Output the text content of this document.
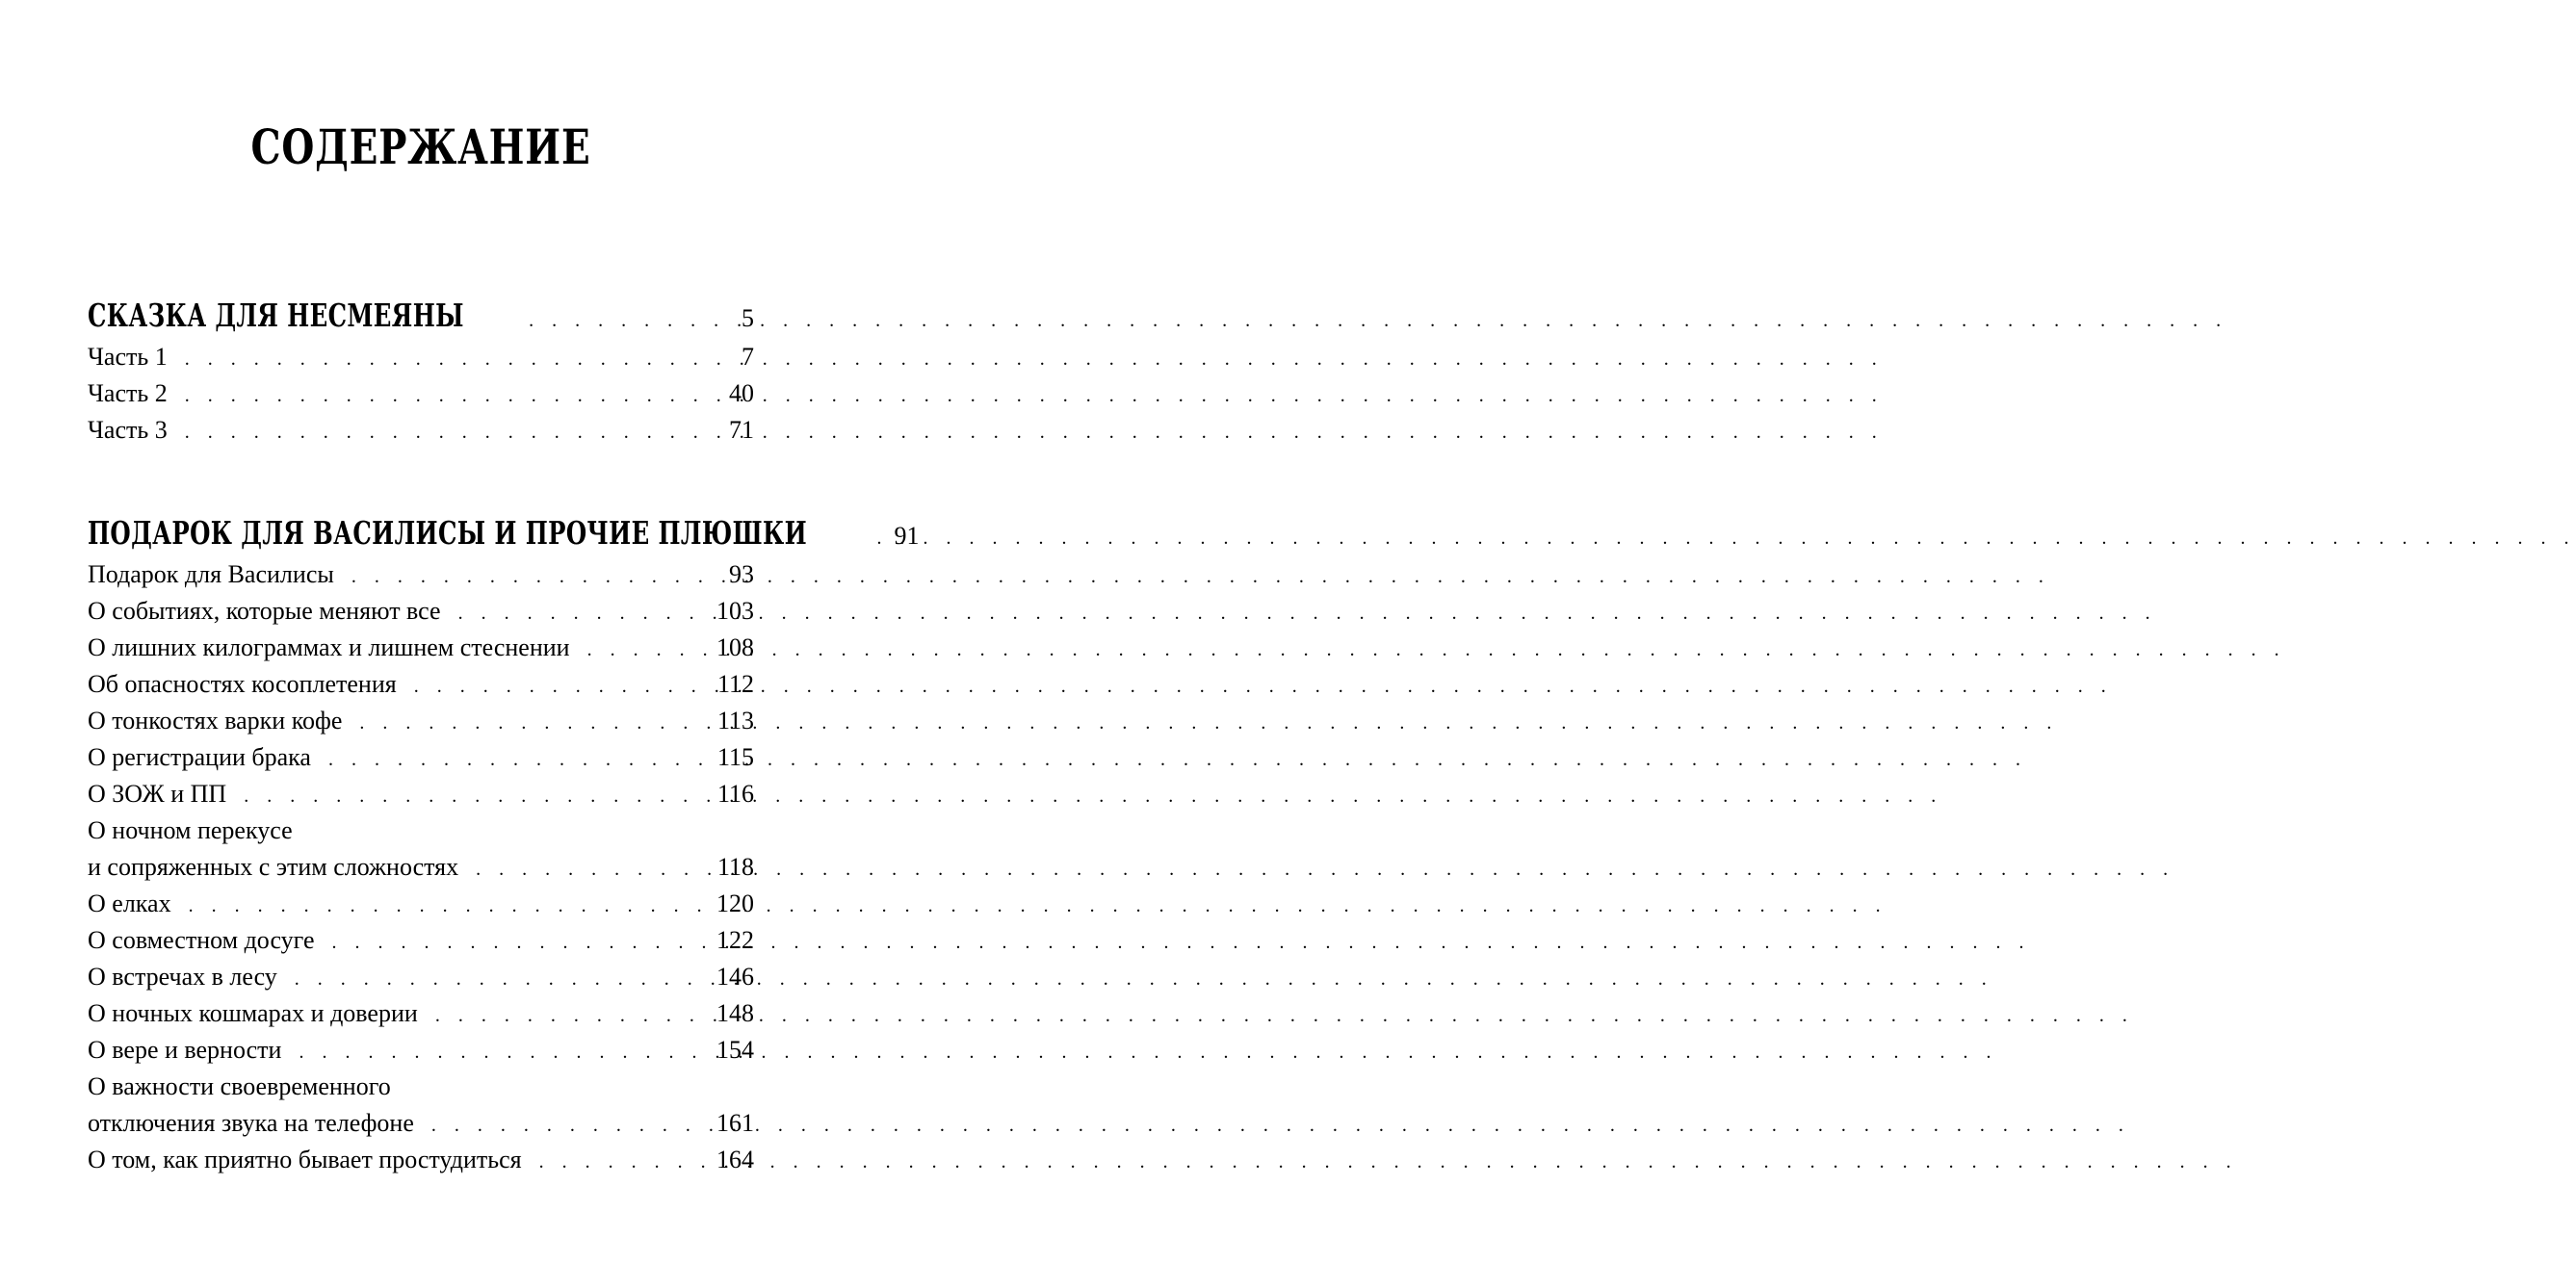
СОДЕРЖАНИЕ
СКАЗКА ДЛЯ НЕСМЕЯНЫ . . .	5
Часть 1 . . .	7
Часть 2 . . .	40
Часть 3 . . .	71
ПОДАРОК ДЛЯ ВАСИЛИСЫ И ПРОЧИЕ ПЛЮШКИ . . .	91
Подарок для Василисы . . .	93
О событиях, которые меняют все . . .	103
О лишних килограммах и лишнем стеснении . . .	108
Об опасностях косоплетения . . .	112
О тонкостях варки кофе . . .	113
О регистрации брака . . .	115
О ЗОЖ и ПП . . .	116
О ночном перекусе
и сопряженных с этим сложностях . . .	118
О елках . . .	120
О совместном досуге . . .	122
О встречах в лесу . . .	146
О ночных кошмарах и доверии . . .	148
О вере и верности . . .	154
О важности своевременного
отключения звука на телефоне . . .	161
О том, как приятно бывает простудиться . . .	164
